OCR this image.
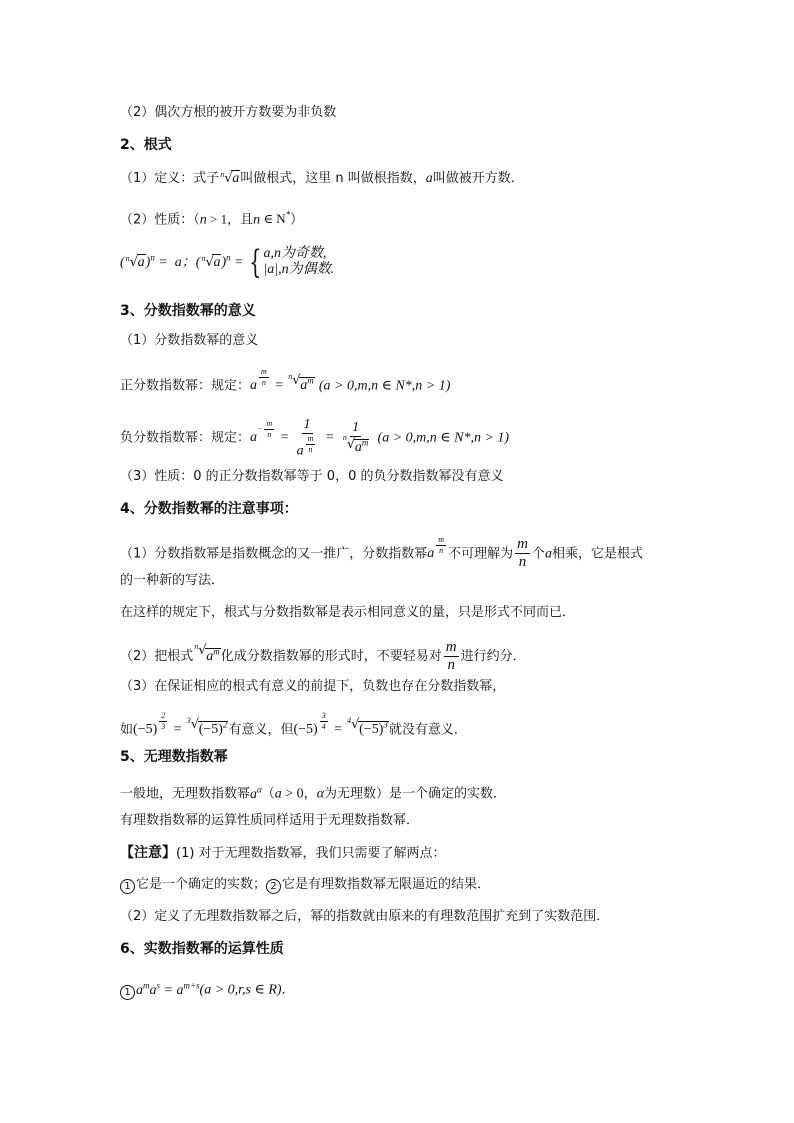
（2）偶次方根的被开方数要为非负数
2、根式
（1）定义：式子 n √ a叫做根式，这里 n 叫做根指数，a叫做被开方数．
（2）性质：（n > 1，且n ∈ N*）
( n √ a)$^n$ =  a；( n √ a)$^n$ = { a,n为奇数,
|a|,n为偶数.
3、分数指数幂的意义
（1）分数指数幂的意义
正分数指数幂：规定：a $^{\frac{m}{n}}$ =
n √ $a^m$ (a > 0,m,n ∈ N*,n > 1)
负分数指数幂：规定：$a^{- \frac{m}{n}} = 1$
a $^{\frac{m}{n}} = \frac{1}{n √ a^m} (a > 0,m,n$ ∈ N*,n > 1)
（3）性质：0 的正分数指数幂等于 0，0 的负分数指数幂没有意义
4、分数指数幂的注意事项：
（1）分数指数幂是指数概念的又一推广，分数指数幂a $^{\frac{m}{n}}$ 不可理解为 $\frac{m}{n}$ 个a相乘，它是根式
的一种新的写法．
在这样的规定下，根式与分数指数幂是表示相同意义的量，只是形式不同而已．
（2）把根式
n √ $a^m$化成分数指数幂的形式时，不要轻易对 $\frac{m}{n}$ 进行约分．
（3）在保证相应的根式有意义的前提下，负数也存在分数指数幂，
如(−5) $^{\frac{2}{3}}$ =
3 √ $(-5)^2$有意义，但(−5) $^{\frac{3}{4}}$ =
4 √ $(-5)^3$就没有意义．
5、无理数指数幂
一般地，无理数指数幂$a^\alpha(a > 0$，α为无理数）是一个确定的实数．
有理数指数幂的运算性质同样适用于无理数指数幂．
【注意】(1) 对于无理数指数幂，我们只需要了解两点：
1 它是一个确定的实数； 2 它是有理数指数幂无限逼近的结果．
（2）定义了无理数指数幂之后，幂的指数就由原来的有理数范围扩充到了实数范围．
6、实数指数幂的运算性质
1 $a^ma^s = a^{m+s}(a > 0,r,s$ ∈ R)．
